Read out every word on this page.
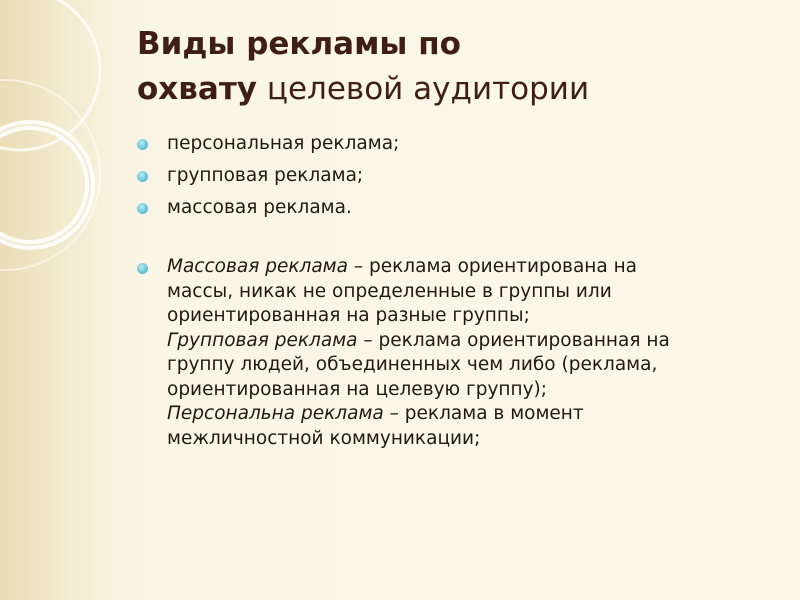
Виды рекламы по
охвату целевой аудитории
персональная реклама;
групповая реклама;
массовая реклама.
Массовая реклама – реклама ориентирована на
массы, никак не определенные в группы или
ориентированная на разные группы;
Групповая реклама – реклама ориентированная на
группу людей, объединенных чем либо (реклама,
ориентированная на целевую группу);
Персональна реклама – реклама в момент
межличностной коммуникации;
